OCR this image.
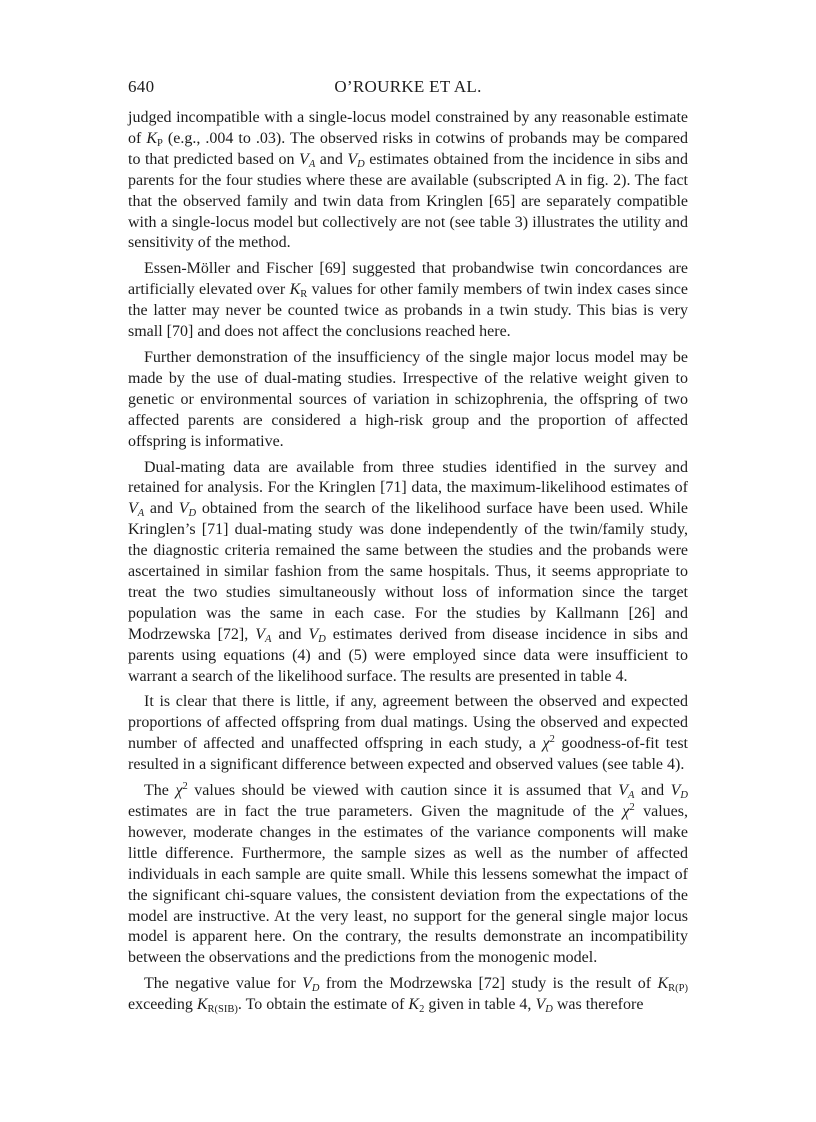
640	O’ROURKE ET AL.

judged incompatible with a single-locus model constrained by any reasonable estimate of $K_P$ (e.g., .004 to .03). The observed risks in cotwins of probands may be compared to that predicted based on $V_A$ and $V_D$ estimates obtained from the incidence in sibs and parents for the four studies where these are available (subscripted A in fig. 2). The fact that the observed family and twin data from Kringlen [65] are separately compatible with a single-locus model but collectively are not (see table 3) illustrates the utility and sensitivity of the method.

Essen-Möller and Fischer [69] suggested that probandwise twin concordances are artificially elevated over $K_R$ values for other family members of twin index cases since the latter may never be counted twice as probands in a twin study. This bias is very small [70] and does not affect the conclusions reached here.

Further demonstration of the insufficiency of the single major locus model may be made by the use of dual-mating studies. Irrespective of the relative weight given to genetic or environmental sources of variation in schizophrenia, the offspring of two affected parents are considered a high-risk group and the proportion of affected offspring is informative.

Dual-mating data are available from three studies identified in the survey and retained for analysis. For the Kringlen [71] data, the maximum-likelihood estimates of $V_A$ and $V_D$ obtained from the search of the likelihood surface have been used. While Kringlen’s [71] dual-mating study was done independently of the twin/family study, the diagnostic criteria remained the same between the studies and the probands were ascertained in similar fashion from the same hospitals. Thus, it seems appropriate to treat the two studies simultaneously without loss of information since the target population was the same in each case. For the studies by Kallmann [26] and Modrzewska [72], $V_A$ and $V_D$ estimates derived from disease incidence in sibs and parents using equations (4) and (5) were employed since data were insufficient to warrant a search of the likelihood surface. The results are presented in table 4.

It is clear that there is little, if any, agreement between the observed and expected proportions of affected offspring from dual matings. Using the observed and expected number of affected and unaffected offspring in each study, a $\chi^2$ goodness-of-fit test resulted in a significant difference between expected and observed values (see table 4).

The $\chi^2$ values should be viewed with caution since it is assumed that $V_A$ and $V_D$ estimates are in fact the true parameters. Given the magnitude of the $\chi^2$ values, however, moderate changes in the estimates of the variance components will make little difference. Furthermore, the sample sizes as well as the number of affected individuals in each sample are quite small. While this lessens somewhat the impact of the significant chi-square values, the consistent deviation from the expectations of the model are instructive. At the very least, no support for the general single major locus model is apparent here. On the contrary, the results demonstrate an incompatibility between the observations and the predictions from the monogenic model.

The negative value for $V_D$ from the Modrzewska [72] study is the result of $K_{R(P)}$ exceeding $K_{R(SIB)}$. To obtain the estimate of $K_2$ given in table 4, $V_D$ was therefore
